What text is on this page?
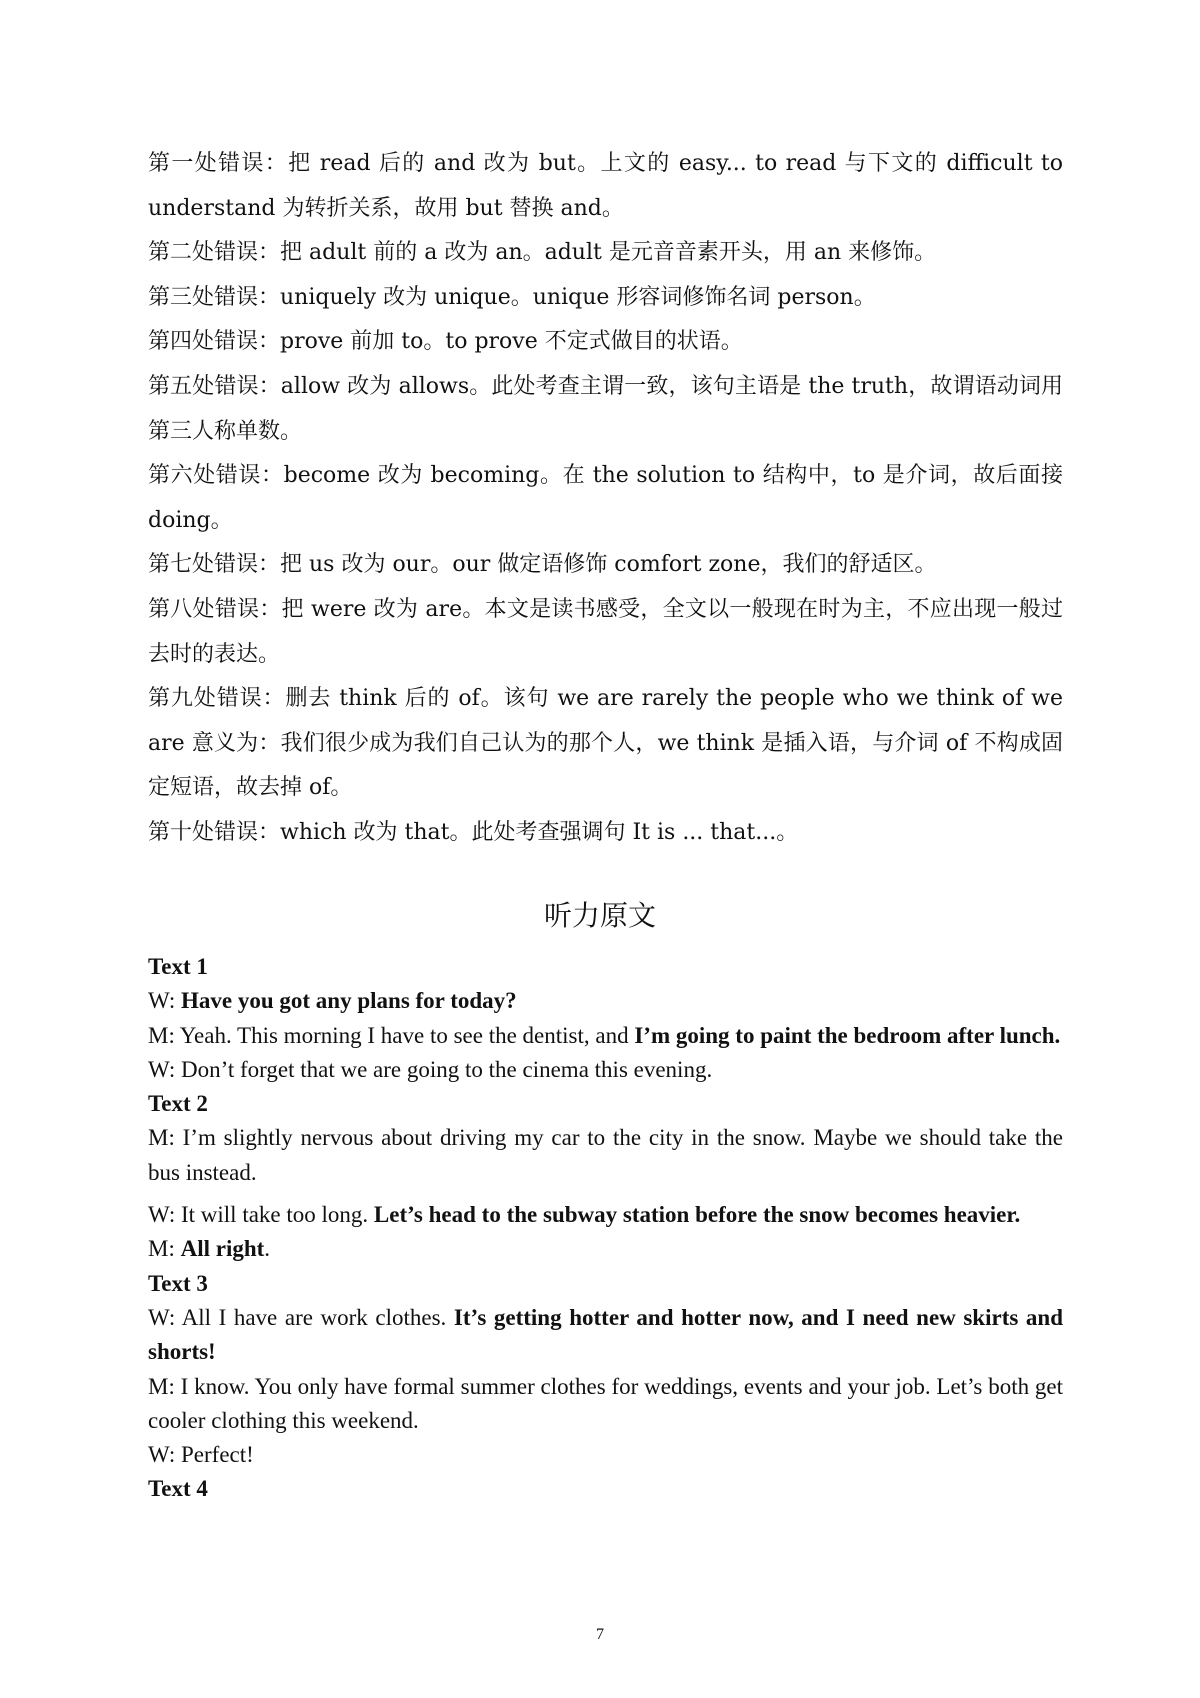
第一处错误：把 read 后的 and 改为 but。上文的 easy... to read 与下文的 difficult to understand 为转折关系，故用 but 替换 and。

第二处错误：把 adult 前的 a 改为 an。adult 是元音音素开头，用 an 来修饰。

第三处错误：uniquely 改为 unique。unique 形容词修饰名词 person。

第四处错误：prove 前加 to。to prove 不定式做目的状语。

第五处错误：allow 改为 allows。此处考查主谓一致，该句主语是 the truth，故谓语动词用第三人称单数。

第六处错误：become 改为 becoming。在 the solution to 结构中，to 是介词，故后面接 doing。

第七处错误：把 us 改为 our。our 做定语修饰 comfort zone，我们的舒适区。

第八处错误：把 were 改为 are。本文是读书感受，全文以一般现在时为主，不应出现一般过去时的表达。

第九处错误：删去 think 后的 of。该句 we are rarely the people who we think of we are 意义为：我们很少成为我们自己认为的那个人，we think 是插入语，与介词 of 不构成固定短语，故去掉 of。

第十处错误：which 改为 that。此处考查强调句 It is ... that...。

听力原文

Text 1

W: Have you got any plans for today?

M: Yeah. This morning I have to see the dentist, and I’m going to paint the bedroom after lunch.

W: Don’t forget that we are going to the cinema this evening.

Text 2

M: I’m slightly nervous about driving my car to the city in the snow. Maybe we should take the bus instead.

W: It will take too long. Let’s head to the subway station before the snow becomes heavier.

M: All right.

Text 3

W: All I have are work clothes. It’s getting hotter and hotter now, and I need new skirts and shorts!

M: I know. You only have formal summer clothes for weddings, events and your job. Let’s both get cooler clothing this weekend.

W: Perfect!

Text 4

7
